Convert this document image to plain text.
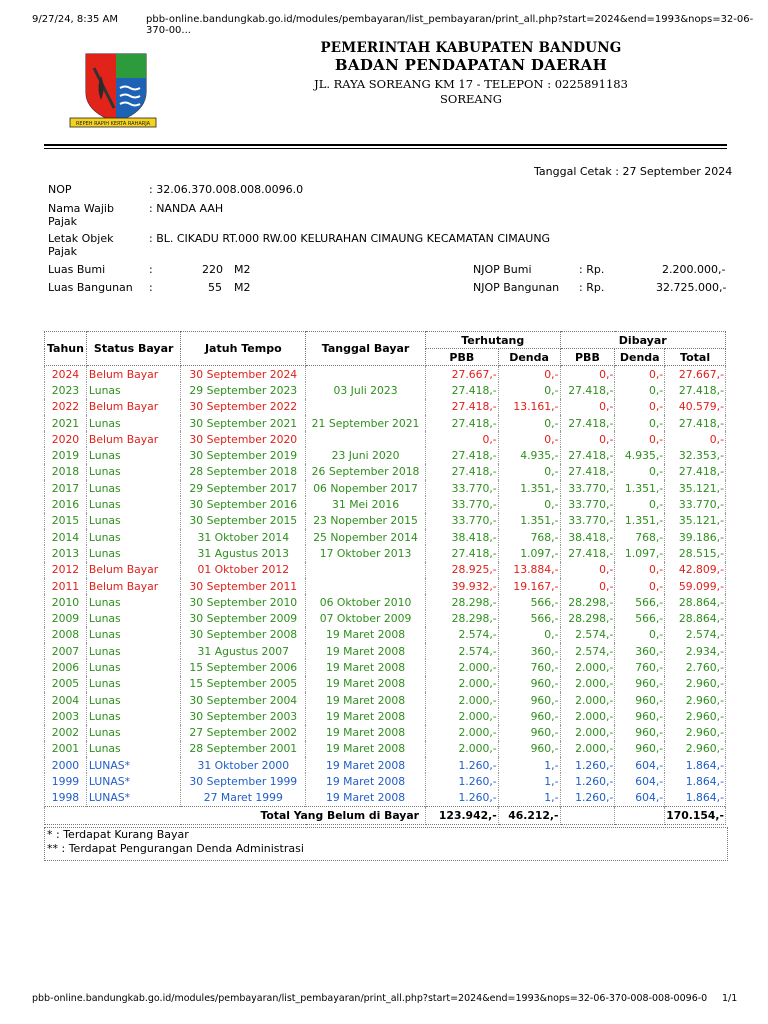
9/27/24, 8:35 AM	pbb-online.bandungkab.go.id/modules/pembayaran/list_pembayaran/print_all.php?start=2024&end=1993&nops=32-06-370-00...
REPEH RAPIH KERTA RAHARJA
PEMERINTAH KABUPATEN BANDUNG
BADAN PENDAPATAN DAERAH
JL. RAYA SOREANG KM 17 - TELEPON : 0225891183
SOREANG
Tanggal Cetak : 27 September 2024
NOP	: 32.06.370.008.008.0096.0
Nama Wajib
Pajak
: NANDA AAH
Letak Objek
Pajak
: BL. CIKADU RT.000 RW.00 KELURAHAN CIMAUNG KECAMATAN CIMAUNG
Luas Bumi	:	220 M2
Luas Bangunan :	55 M2
NJOP Bumi	: Rp.	2.200.000,-
NJOP Bangunan : Rp.	32.725.000,-
Tahun	Status Bayar	Jatuh Tempo	Tanggal Bayar	Terhutang		Dibayar		
				PBB	Denda	PBB	Denda	Total
2024	Belum Bayar	30 September 2024		27.667,-	0,-	0,-	0,-	27.667,-
2023	Lunas	29 September 2023	03 Juli 2023	27.418,-	0,-	27.418,-	0,-	27.418,-
2022	Belum Bayar	30 September 2022		27.418,-	13.161,-	0,-	0,-	40.579,-
2021	Lunas	30 September 2021	21 September 2021	27.418,-	0,-	27.418,-	0,-	27.418,-
2020	Belum Bayar	30 September 2020		0,-	0,-	0,-	0,-	0,-
2019	Lunas	30 September 2019	23 Juni 2020	27.418,-	4.935,-	27.418,-	4.935,-	32.353,-
2018	Lunas	28 September 2018	26 September 2018	27.418,-	0,-	27.418,-	0,-	27.418,-
2017	Lunas	29 September 2017	06 Nopember 2017	33.770,-	1.351,-	33.770,-	1.351,-	35.121,-
2016	Lunas	30 September 2016	31 Mei 2016	33.770,-	0,-	33.770,-	0,-	33.770,-
2015	Lunas	30 September 2015	23 Nopember 2015	33.770,-	1.351,-	33.770,-	1.351,-	35.121,-
2014	Lunas	31 Oktober 2014	25 Nopember 2014	38.418,-	768,-	38.418,-	768,-	39.186,-
2013	Lunas	31 Agustus 2013	17 Oktober 2013	27.418,-	1.097,-	27.418,-	1.097,-	28.515,-
2012	Belum Bayar	01 Oktober 2012		28.925,-	13.884,-	0,-	0,-	42.809,-
2011	Belum Bayar	30 September 2011		39.932,-	19.167,-	0,-	0,-	59.099,-
2010	Lunas	30 September 2010	06 Oktober 2010	28.298,-	566,-	28.298,-	566,-	28.864,-
2009	Lunas	30 September 2009	07 Oktober 2009	28.298,-	566,-	28.298,-	566,-	28.864,-
2008	Lunas	30 September 2008	19 Maret 2008	2.574,-	0,-	2.574,-	0,-	2.574,-
2007	Lunas	31 Agustus 2007	19 Maret 2008	2.574,-	360,-	2.574,-	360,-	2.934,-
2006	Lunas	15 September 2006	19 Maret 2008	2.000,-	760,-	2.000,-	760,-	2.760,-
2005	Lunas	15 September 2005	19 Maret 2008	2.000,-	960,-	2.000,-	960,-	2.960,-
2004	Lunas	30 September 2004	19 Maret 2008	2.000,-	960,-	2.000,-	960,-	2.960,-
2003	Lunas	30 September 2003	19 Maret 2008	2.000,-	960,-	2.000,-	960,-	2.960,-
2002	Lunas	27 September 2002	19 Maret 2008	2.000,-	960,-	2.000,-	960,-	2.960,-
2001	Lunas	28 September 2001	19 Maret 2008	2.000,-	960,-	2.000,-	960,-	2.960,-
2000	LUNAS*	31 Oktober 2000	19 Maret 2008	1.260,-	1,-	1.260,-	604,-	1.864,-
1999	LUNAS*	30 September 1999	19 Maret 2008	1.260,-	1,-	1.260,-	604,-	1.864,-
1998	LUNAS*	27 Maret 1999	19 Maret 2008	1.260,-	1,-	1.260,-	604,-	1.864,-
Total Yang Belum di Bayar				123.942,-	46.212,-			170.154,-
* : Terdapat Kurang Bayar
** : Terdapat Pengurangan Denda Administrasi
pbb-online.bandungkab.go.id/modules/pembayaran/list_pembayaran/print_all.php?start=2024&end=1993&nops=32-06-370-008-008-0096-0 1/1
